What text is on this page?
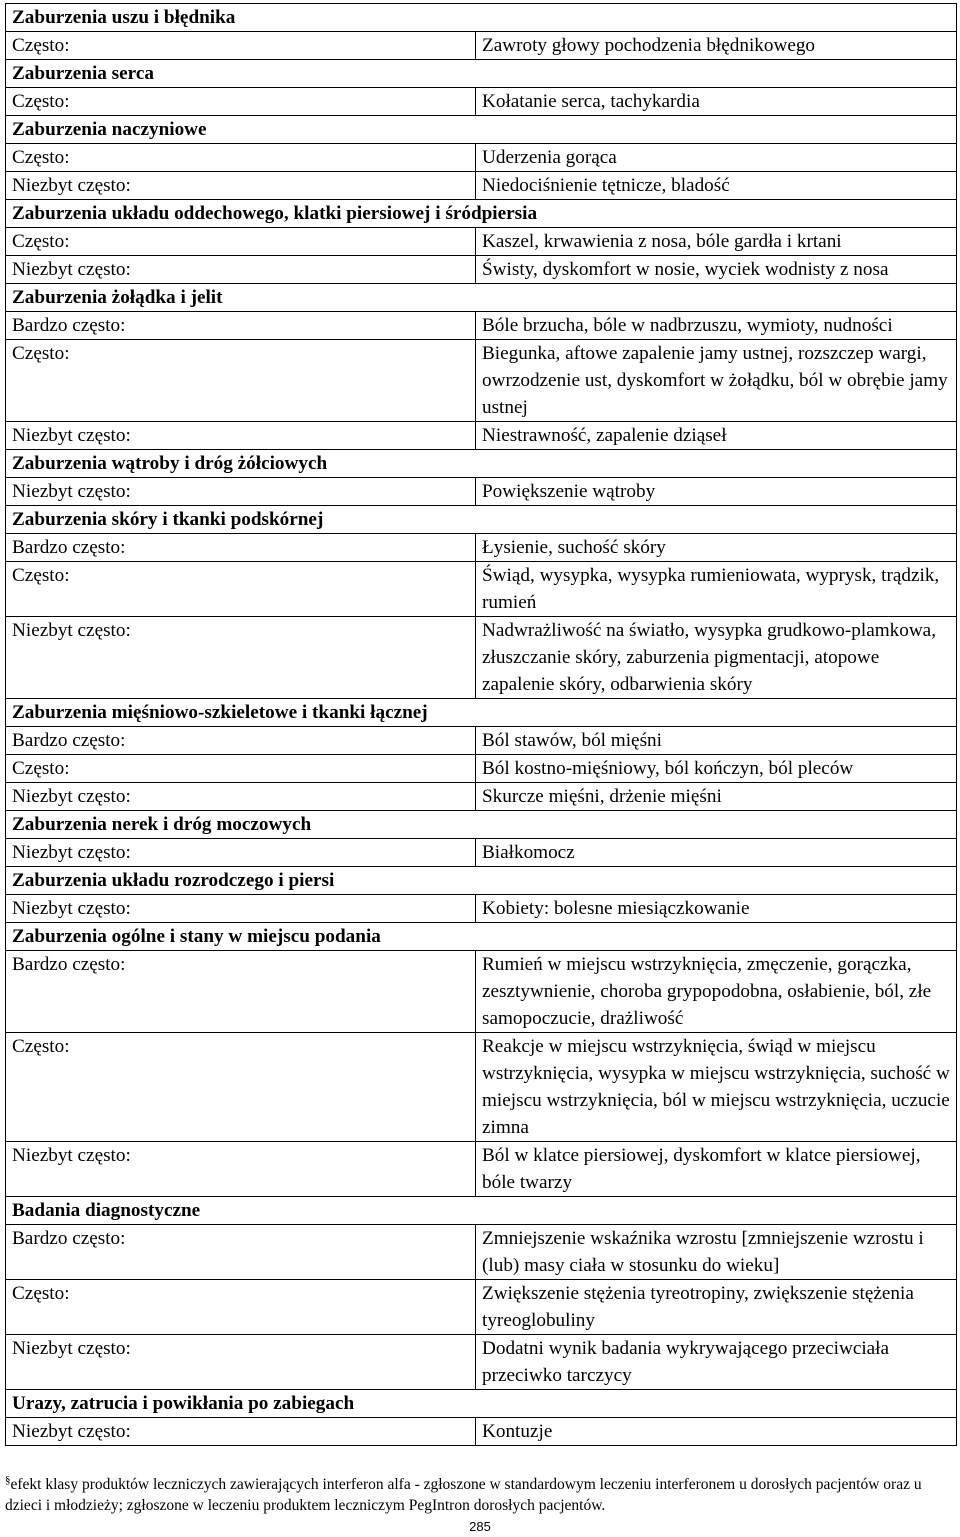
Zaburzenia uszu i błędnika	
Często:	Zawroty głowy pochodzenia błędnikowego
Zaburzenia serca	
Często:	Kołatanie serca, tachykardia
Zaburzenia naczyniowe	
Często:	Uderzenia gorąca
Niezbyt często:	Niedociśnienie tętnicze, bladość
Zaburzenia układu oddechowego, klatki piersiowej i śródpiersia	
Często:	Kaszel, krwawienia z nosa, bóle gardła i krtani
Niezbyt często:	Świsty, dyskomfort w nosie, wyciek wodnisty z nosa
Zaburzenia żołądka i jelit	
Bardzo często:	Bóle brzucha, bóle w nadbrzuszu, wymioty, nudności
Często:	Biegunka, aftowe zapalenie jamy ustnej, rozszczep wargi, owrzodzenie ust, dyskomfort w żołądku, ból w obrębie jamy ustnej
Niezbyt często:	Niestrawność, zapalenie dziąseł
Zaburzenia wątroby i dróg żółciowych	
Niezbyt często:	Powiększenie wątroby
Zaburzenia skóry i tkanki podskórnej	
Bardzo często:	Łysienie, suchość skóry
Często:	Świąd, wysypka, wysypka rumieniowata, wyprysk, trądzik, rumień
Niezbyt często:	Nadwrażliwość na światło, wysypka grudkowo-plamkowa, złuszczanie skóry, zaburzenia pigmentacji, atopowe zapalenie skóry, odbarwienia skóry
Zaburzenia mięśniowo-szkieletowe i tkanki łącznej	
Bardzo często:	Ból stawów, ból mięśni
Często:	Ból kostno-mięśniowy, ból kończyn, ból pleców
Niezbyt często:	Skurcze mięśni, drżenie mięśni
Zaburzenia nerek i dróg moczowych	
Niezbyt często:	Białkomocz
Zaburzenia układu rozrodczego i piersi	
Niezbyt często:	Kobiety: bolesne miesiączkowanie
Zaburzenia ogólne i stany w miejscu podania	
Bardzo często:	Rumień w miejscu wstrzyknięcia, zmęczenie, gorączka, zesztywnienie, choroba grypopodobna, osłabienie, ból, złe samopoczucie, drażliwość
Często:	Reakcje w miejscu wstrzyknięcia, świąd w miejscu wstrzyknięcia, wysypka w miejscu wstrzyknięcia, suchość w miejscu wstrzyknięcia, ból w miejscu wstrzyknięcia, uczucie zimna
Niezbyt często:	Ból w klatce piersiowej, dyskomfort w klatce piersiowej, bóle twarzy
Badania diagnostyczne	
Bardzo często:	Zmniejszenie wskaźnika wzrostu [zmniejszenie wzrostu i (lub) masy ciała w stosunku do wieku]
Często:	Zwiększenie stężenia tyreotropiny, zwiększenie stężenia tyreoglobuliny
Niezbyt często:	Dodatni wynik badania wykrywającego przeciwciała przeciwko tarczycy
Urazy, zatrucia i powikłania po zabiegach	
Niezbyt często:	Kontuzje
§efekt klasy produktów leczniczych zawierających interferon alfa - zgłoszone w standardowym leczeniu interferonem u dorosłych pacjentów oraz u dzieci i młodzieży; zgłoszone w leczeniu produktem leczniczym PegIntron dorosłych pacjentów.
285
